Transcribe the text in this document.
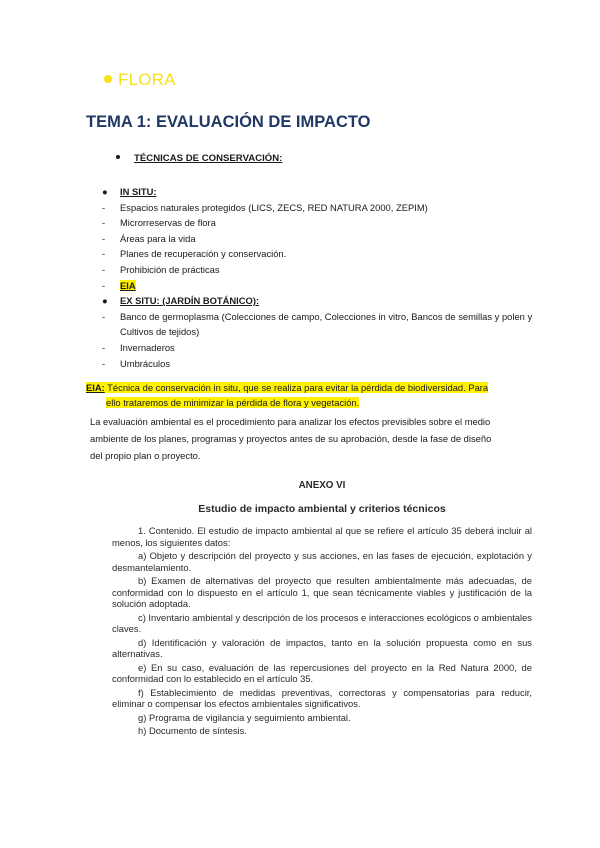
FLORA
TEMA 1: EVALUACIÓN DE IMPACTO
TÉCNICAS DE CONSERVACIÓN:
● IN SITU:
- Espacios naturales protegidos (LICS, ZECS, RED NATURA 2000, ZEPIM)
- Microrreservas de flora
- Áreas para la vida
- Planes de recuperación y conservación.
- Prohibición de prácticas
- EIA
● EX SITU: (JARDÍN BOTÁNICO):
- Banco de germoplasma (Colecciones de campo, Colecciones in vitro, Bancos de semillas y polen y
Cultivos de tejidos)
- Invernaderos
- Umbráculos
EIA: Técnica de conservación in situ, que se realiza para evitar la pérdida de biodiversidad. Para
ello trataremos de minimizar la pérdida de flora y vegetación.
La evaluación ambiental es el procedimiento para analizar los efectos previsibles sobre el medio
ambiente de los planes, programas y proyectos antes de su aprobación, desde la fase de diseño
del propio plan o proyecto.
ANEXO VI
Estudio de impacto ambiental y criterios técnicos

1. Contenido. El estudio de impacto ambiental al que se refiere el artículo 35 deberá incluir al menos, los siguientes datos:

a) Objeto y descripción del proyecto y sus acciones, en las fases de ejecución, explotación y desmantelamiento.

b) Examen de alternativas del proyecto que resulten ambientalmente más adecuadas, de conformidad con lo dispuesto en el artículo 1, que sean técnicamente viables y justificación de la solución adoptada.

c) Inventario ambiental y descripción de los procesos e interacciones ecológicos o ambientales claves.

d) Identificación y valoración de impactos, tanto en la solución propuesta como en sus alternativas.

e) En su caso, evaluación de las repercusiones del proyecto en la Red Natura 2000, de conformidad con lo establecido en el artículo 35.

f) Establecimiento de medidas preventivas, correctoras y compensatorias para reducir, eliminar o compensar los efectos ambientales significativos.

g) Programa de vigilancia y seguimiento ambiental.

h) Documento de síntesis.
